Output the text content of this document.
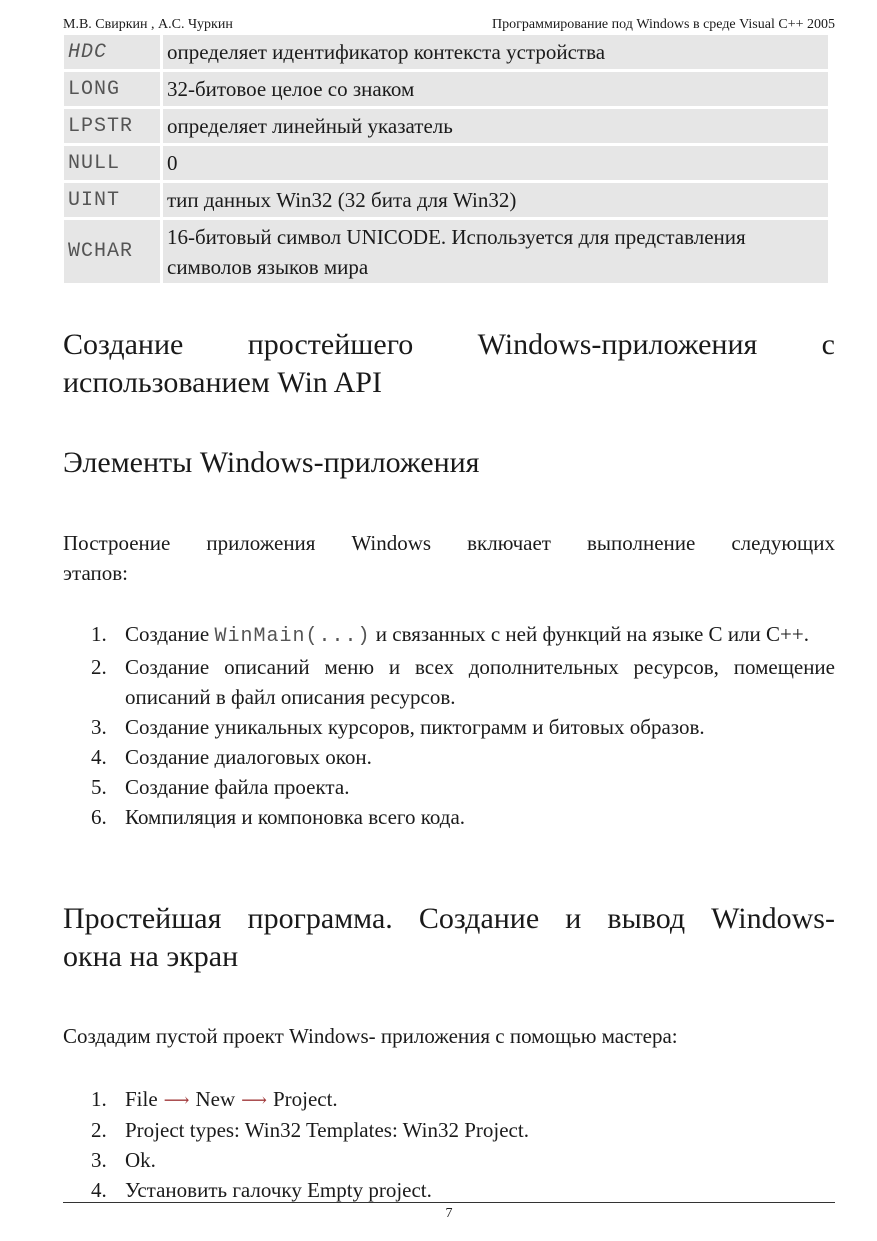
М.В. Свиркин , А.С. Чуркин	Программирование под Windows в среде Visual C++ 2005
HDC	определяет идентификатор контекста устройства
LONG	32-битовое целое со знаком
LPSTR	определяет линейный указатель
NULL	0
UINT	тип данных Win32 (32 бита для Win32)
WCHAR	16-битовый символ UNICODE. Используется для представления символов языков мира
Создание простейшего Windows-приложения с
использованием Win API
Элементы Windows-приложения
Построение приложения Windows включает выполнение следующих
этапов:
1. Создание WinMain(...) и связанных с ней функций на языке C или C++.
2. Создание описаний меню и всех дополнительных ресурсов, помещение описаний в файл описания ресурсов.
3. Создание уникальных курсоров, пиктограмм и битовых образов.
4. Создание диалоговых окон.
5. Создание файла проекта.
6. Компиляция и компоновка всего кода.
Простейшая программа. Создание и вывод Windows-
окна на экран
Создадим пустой проект Windows- приложения с помощью мастера:
1. File ⟶ New ⟶ Project.
2. Project types: Win32 Templates: Win32 Project.
3. Ok.
4. Установить галочку Empty project.
7
